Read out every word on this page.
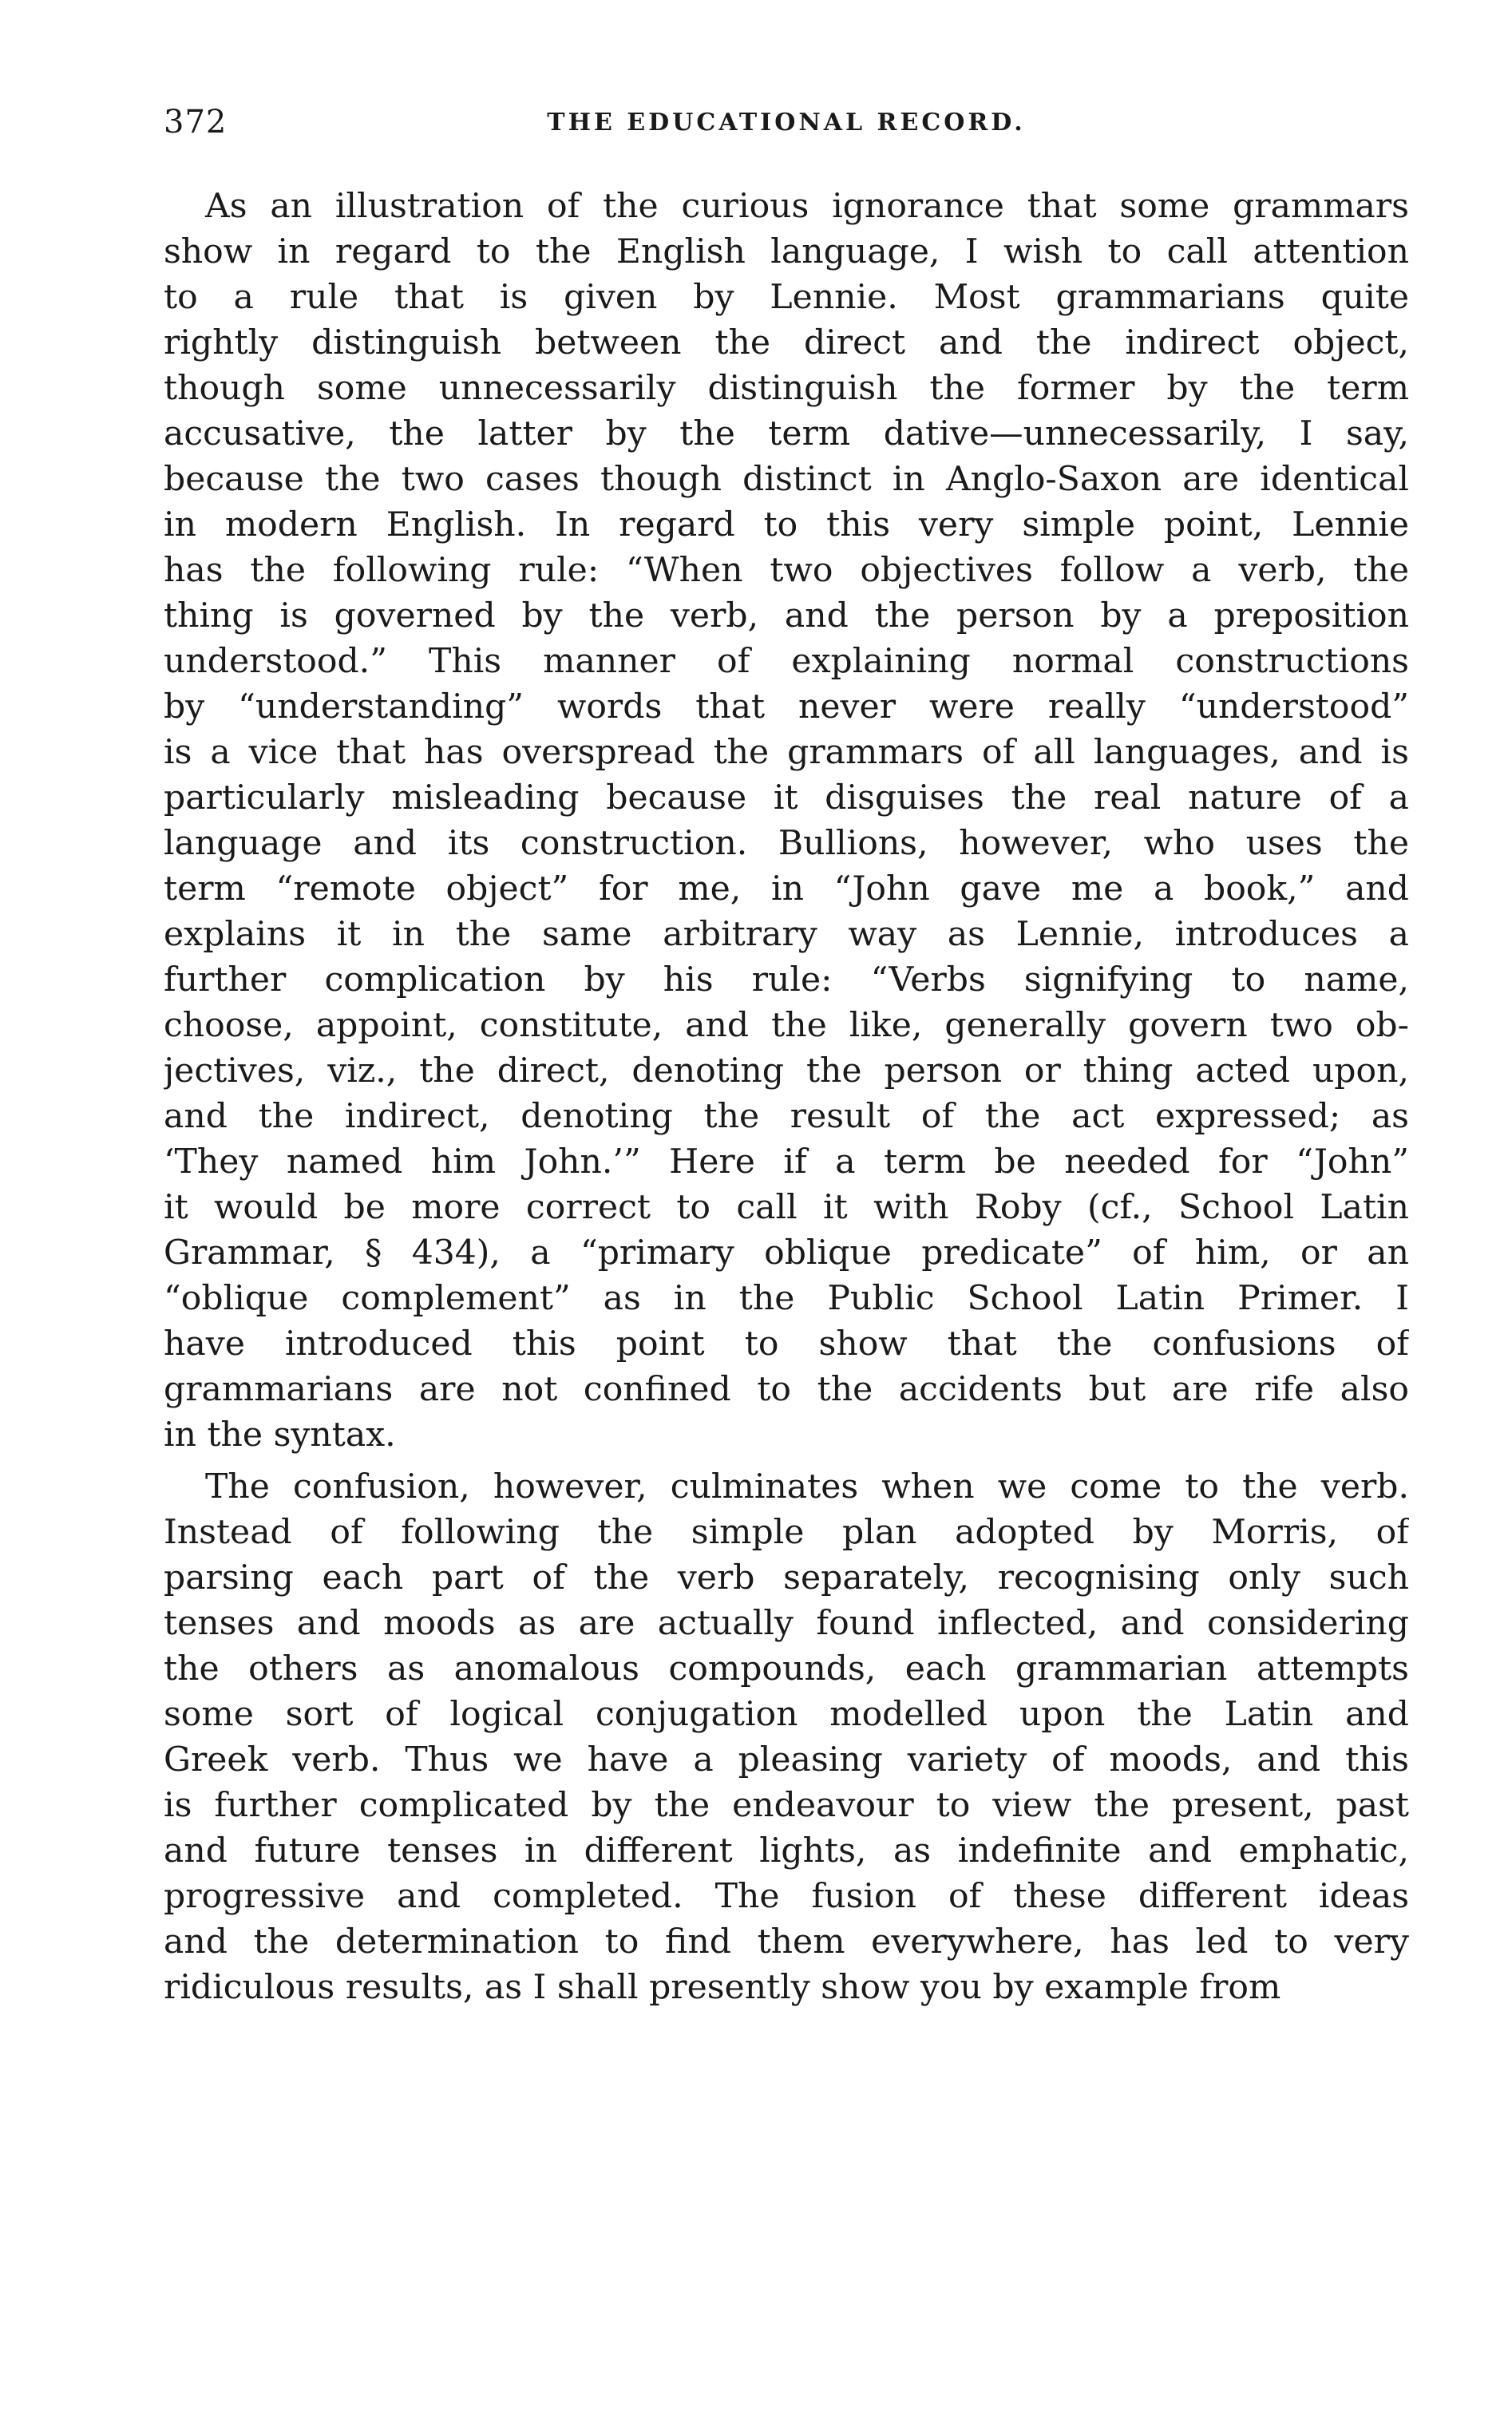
372	THE EDUCATIONAL RECORD.
As an illustration of the curious ignorance that some grammars
show in regard to the English language, I wish to call attention
to a rule that is given by Lennie. Most grammarians quite
rightly distinguish between the direct and the indirect object,
though some unnecessarily distinguish the former by the term
accusative, the latter by the term dative—unnecessarily, I say,
because the two cases though distinct in Anglo-Saxon are identical
in modern English. In regard to this very simple point, Lennie
has the following rule: “When two objectives follow a verb, the
thing is governed by the verb, and the person by a preposition
understood.” This manner of explaining normal constructions
by “understanding” words that never were really “understood”
is a vice that has overspread the grammars of all languages, and is
particularly misleading because it disguises the real nature of a
language and its construction. Bullions, however, who uses the
term “remote object” for me, in “John gave me a book,” and
explains it in the same arbitrary way as Lennie, introduces a
further complication by his rule: “Verbs signifying to name,
choose, appoint, constitute, and the like, generally govern two ob-
jectives, viz., the direct, denoting the person or thing acted upon,
and the indirect, denoting the result of the act expressed; as
‘They named him John.’” Here if a term be needed for “John”
it would be more correct to call it with Roby (cf., School Latin
Grammar, § 434), a “primary oblique predicate” of him, or an
“oblique complement” as in the Public School Latin Primer. I
have introduced this point to show that the confusions of
grammarians are not confined to the accidents but are rife also
in the syntax.
The confusion, however, culminates when we come to the verb.
Instead of following the simple plan adopted by Morris, of
parsing each part of the verb separately, recognising only such
tenses and moods as are actually found inflected, and considering
the others as anomalous compounds, each grammarian attempts
some sort of logical conjugation modelled upon the Latin and
Greek verb. Thus we have a pleasing variety of moods, and this
is further complicated by the endeavour to view the present, past
and future tenses in different lights, as indefinite and emphatic,
progressive and completed. The fusion of these different ideas
and the determination to find them everywhere, has led to very
ridiculous results, as I shall presently show you by example from
